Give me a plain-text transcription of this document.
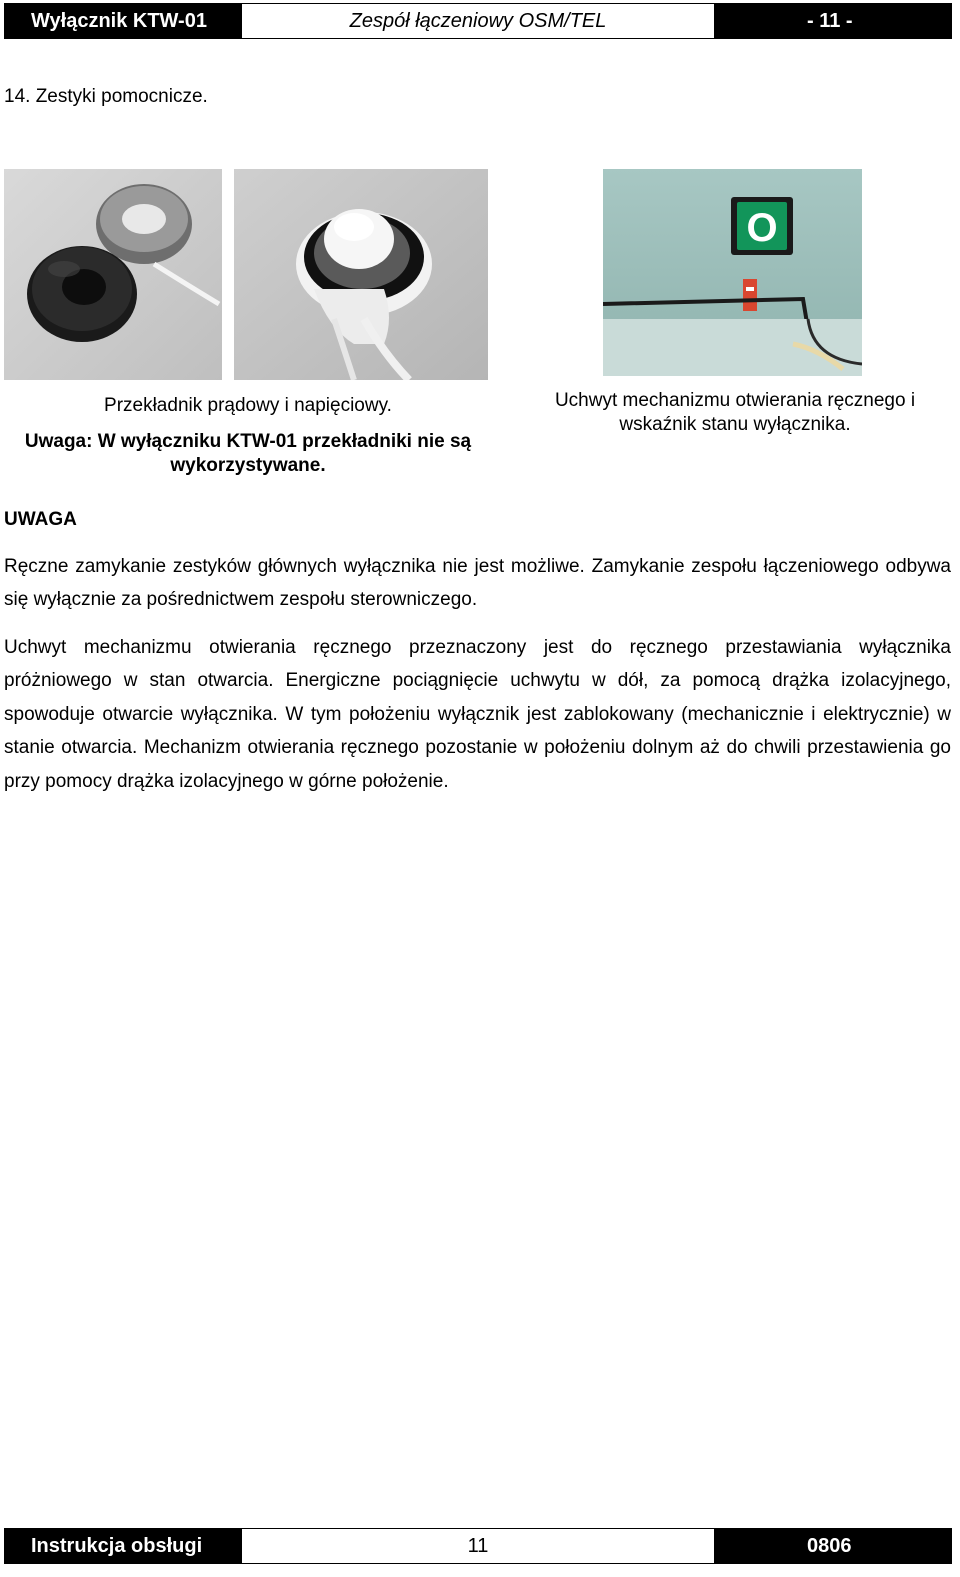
Wyłącznik KTW-01	Zespół łączeniowy OSM/TEL	- 11 -
14. Zestyki pomocnicze.
O
Przekładnik prądowy i napięciowy.
Uwaga: W wyłączniku KTW-01 przekładniki nie są wykorzystywane.
Uchwyt mechanizmu otwierania ręcznego i wskaźnik stanu wyłącznika.
UWAGA
Ręczne zamykanie zestyków głównych wyłącznika nie jest możliwe. Zamykanie zespołu łączeniowego odbywa się wyłącznie za pośrednictwem zespołu sterowniczego.
Uchwyt mechanizmu otwierania ręcznego przeznaczony jest do ręcznego przestawiania wyłącznika próżniowego w stan otwarcia. Energiczne pociągnięcie uchwytu w dół, za pomocą drążka izolacyjnego, spowoduje otwarcie wyłącznika. W tym położeniu wyłącznik jest zablokowany (mechanicznie i elektrycznie) w stanie otwarcia. Mechanizm otwierania ręcznego pozostanie w położeniu dolnym aż do chwili przestawienia go przy pomocy drążka izolacyjnego w górne położenie.
Instrukcja obsługi	11	0806
